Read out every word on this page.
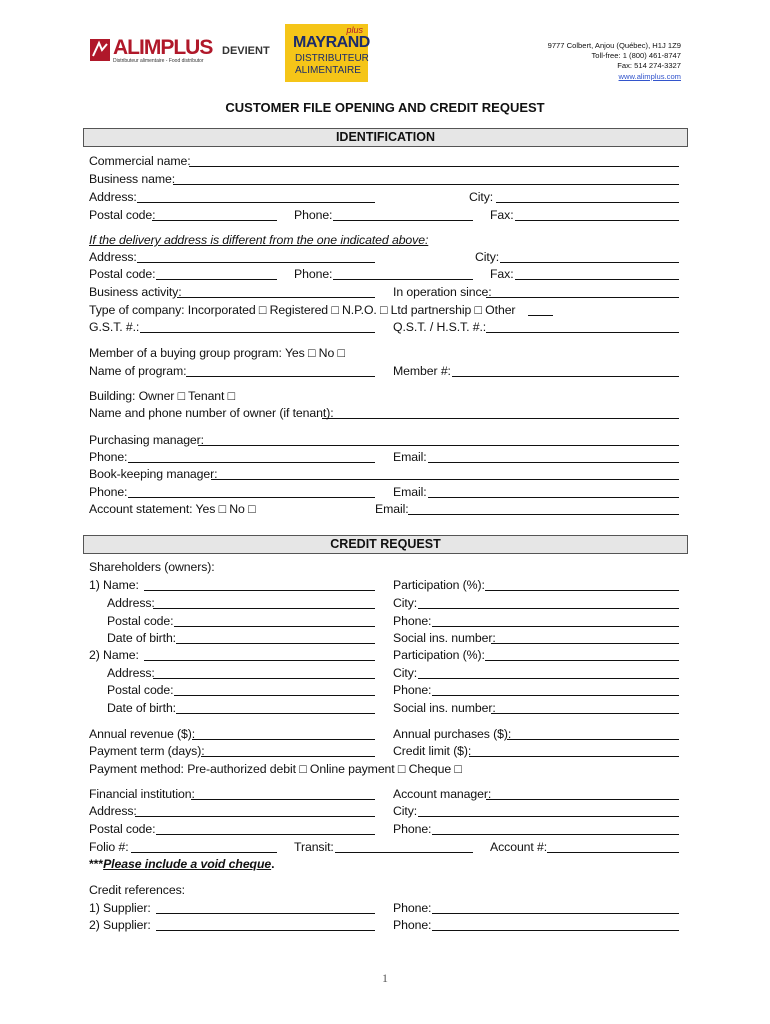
ALIMPLUS
Distributeur alimentaire - Food distributor
DEVIENT
plus
MAYRAND
DISTRIBUTEUR
ALIMENTAIRE
9777 Colbert, Anjou (Québec), H1J 1Z9
Toll-free: 1 (800) 461-8747
Fax: 514 274-3327
www.alimplus.com
CUSTOMER FILE OPENING AND CREDIT REQUEST
IDENTIFICATION
Commercial name:
Business name:
Address:	City:
Postal code:	Phone:	Fax:
If the delivery address is different from the one indicated above:
Address:	City:
Postal code:	Phone:	Fax:
Business activity:	In operation since:
Type of company: Incorporated □ Registered □ N.P.O. □ Ltd partnership □ Other
G.S.T. #.:	Q.S.T. / H.S.T. #.:
Member of a buying group program: Yes □ No □
Name of program:	Member #:
Building: Owner □ Tenant □
Name and phone number of owner (if tenant):
Purchasing manager:
Phone:	Email:
Book-keeping manager:
Phone:	Email:
Account statement: Yes □ No □	Email:
CREDIT REQUEST
Shareholders (owners):
1) Name:	Participation (%):
Address:	City:
Postal code:	Phone:
Date of birth:	Social ins. number:
2) Name:	Participation (%):
Address:	City:
Postal code:	Phone:
Date of birth:	Social ins. number:
Annual revenue ($):	Annual purchases ($):
Payment term (days):	Credit limit ($):
Payment method: Pre-authorized debit □ Online payment □ Cheque □
Financial institution:	Account manager:
Address:	City:
Postal code:	Phone:
Folio #:	Transit:	Account #:
***Please include a void cheque.
Credit references:
1) Supplier:	Phone:
2) Supplier:	Phone:
1
